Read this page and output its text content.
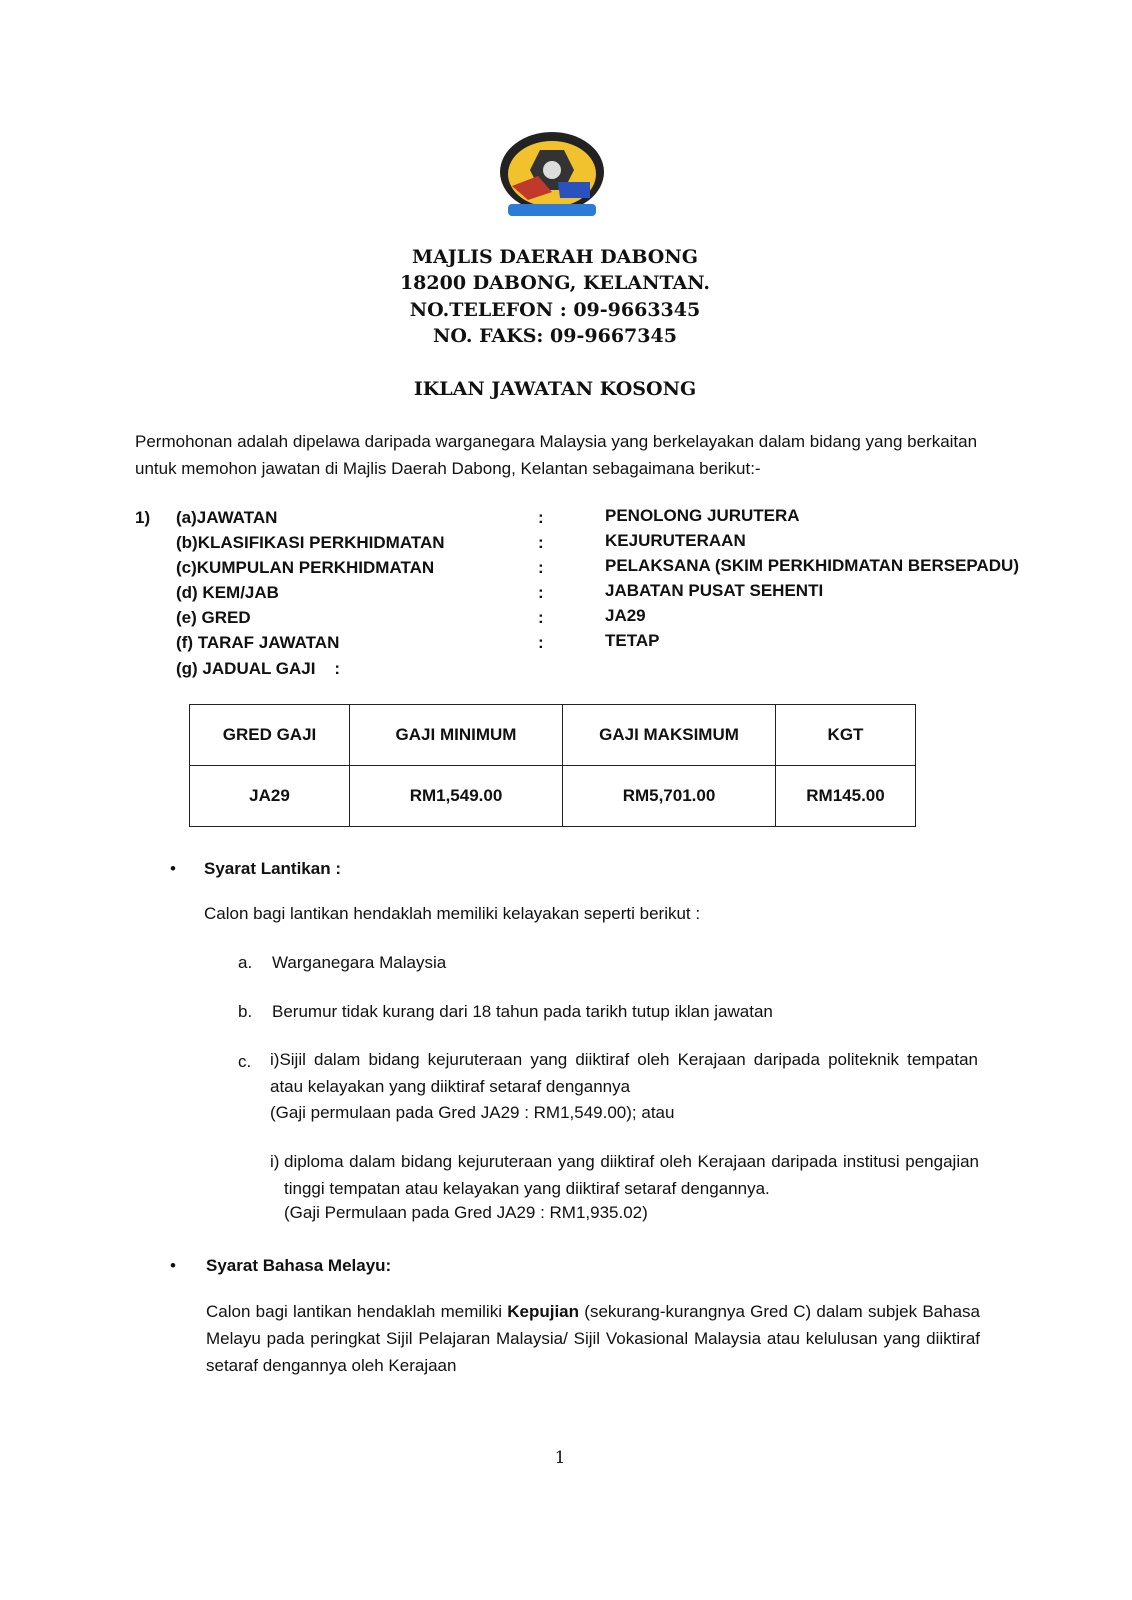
MAJLIS DAERAH DABONG
18200 DABONG, KELANTAN.
NO.TELEFON : 09-9663345
NO. FAKS: 09-9667345
IKLAN JAWATAN KOSONG
Permohonan adalah dipelawa daripada warganegara Malaysia yang berkelayakan dalam bidang yang berkaitan untuk memohon jawatan di Majlis Daerah Dabong, Kelantan sebagaimana berikut:-
1) (a)JAWATAN	:	PENOLONG JURUTERA
(b)KLASIFIKASI PERKHIDMATAN	:	KEJURUTERAAN
(c)KUMPULAN PERKHIDMATAN	:	PELAKSANA (SKIM PERKHIDMATAN BERSEPADU)
(d) KEM/JAB	:	JABATAN PUSAT SEHENTI
(e) GRED	:	JA29
(f) TARAF JAWATAN	:	TETAP
(g) JADUAL GAJI    :
GRED GAJI	GAJI MINIMUM	GAJI MAKSIMUM	KGT
JA29	RM1,549.00	RM5,701.00	RM145.00
• Syarat Lantikan :
Calon bagi lantikan hendaklah memiliki kelayakan seperti berikut :
a. Warganegara Malaysia
b. Berumur tidak kurang dari 18 tahun pada tarikh tutup iklan jawatan
c. i)Sijil dalam bidang kejuruteraan yang diiktiraf oleh Kerajaan daripada politeknik tempatan atau kelayakan yang diiktiraf setaraf dengannya
(Gaji permulaan pada Gred JA29 : RM1,549.00); atau
i) diploma dalam bidang kejuruteraan yang diiktiraf oleh Kerajaan daripada institusi pengajian tinggi tempatan atau kelayakan yang diiktiraf setaraf dengannya.
(Gaji Permulaan pada Gred JA29 : RM1,935.02)
• Syarat Bahasa Melayu:
Calon bagi lantikan hendaklah memiliki Kepujian (sekurang-kurangnya Gred C) dalam subjek Bahasa Melayu pada peringkat Sijil Pelajaran Malaysia/ Sijil Vokasional Malaysia atau kelulusan yang diiktiraf setaraf dengannya oleh Kerajaan
1
